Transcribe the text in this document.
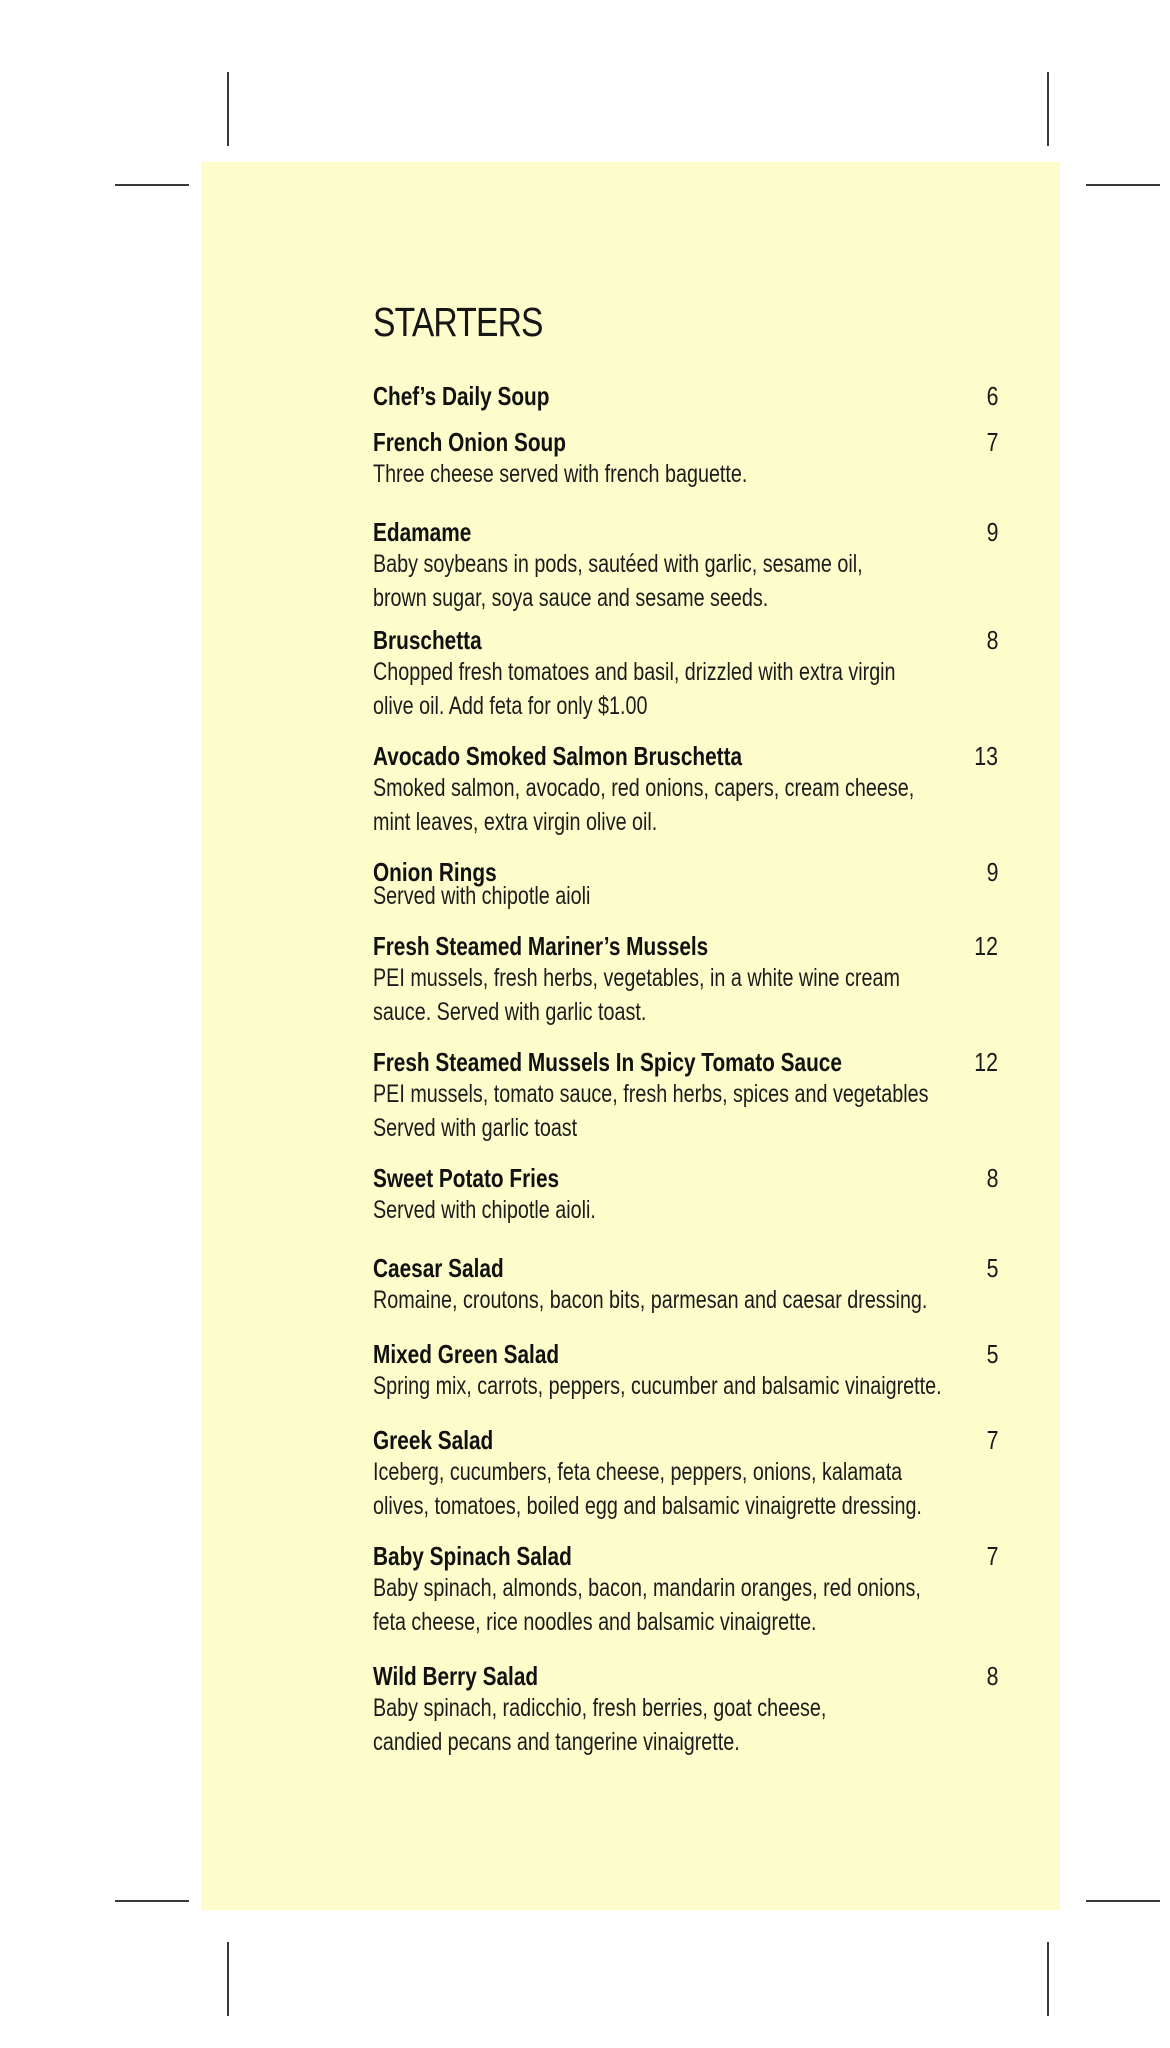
STARTERS
Chef’s Daily Soup	6
French Onion Soup	7
Three cheese served with french baguette.
Edamame	9
Baby soybeans in pods, sautéed with garlic, sesame oil,
brown sugar, soya sauce and sesame seeds.
Bruschetta	8
Chopped fresh tomatoes and basil, drizzled with extra virgin
olive oil. Add feta for only $1.00
Avocado Smoked Salmon Bruschetta	13
Smoked salmon, avocado, red onions, capers, cream cheese,
mint leaves, extra virgin olive oil.
Onion Rings	9
Served with chipotle aioli
Fresh Steamed Mariner’s Mussels	12
PEI mussels, fresh herbs, vegetables, in a white wine cream
sauce. Served with garlic toast.
Fresh Steamed Mussels In Spicy Tomato Sauce	12
PEI mussels, tomato sauce, fresh herbs, spices and vegetables
Served with garlic toast
Sweet Potato Fries	8
Served with chipotle aioli.
Caesar Salad	5
Romaine, croutons, bacon bits, parmesan and caesar dressing.
Mixed Green Salad	5
Spring mix, carrots, peppers, cucumber and balsamic vinaigrette.
Greek Salad	7
Iceberg, cucumbers, feta cheese, peppers, onions, kalamata
olives, tomatoes, boiled egg and balsamic vinaigrette dressing.
Baby Spinach Salad	7
Baby spinach, almonds, bacon, mandarin oranges, red onions,
feta cheese, rice noodles and balsamic vinaigrette.
Wild Berry Salad	8
Baby spinach, radicchio, fresh berries, goat cheese,
candied pecans and tangerine vinaigrette.
